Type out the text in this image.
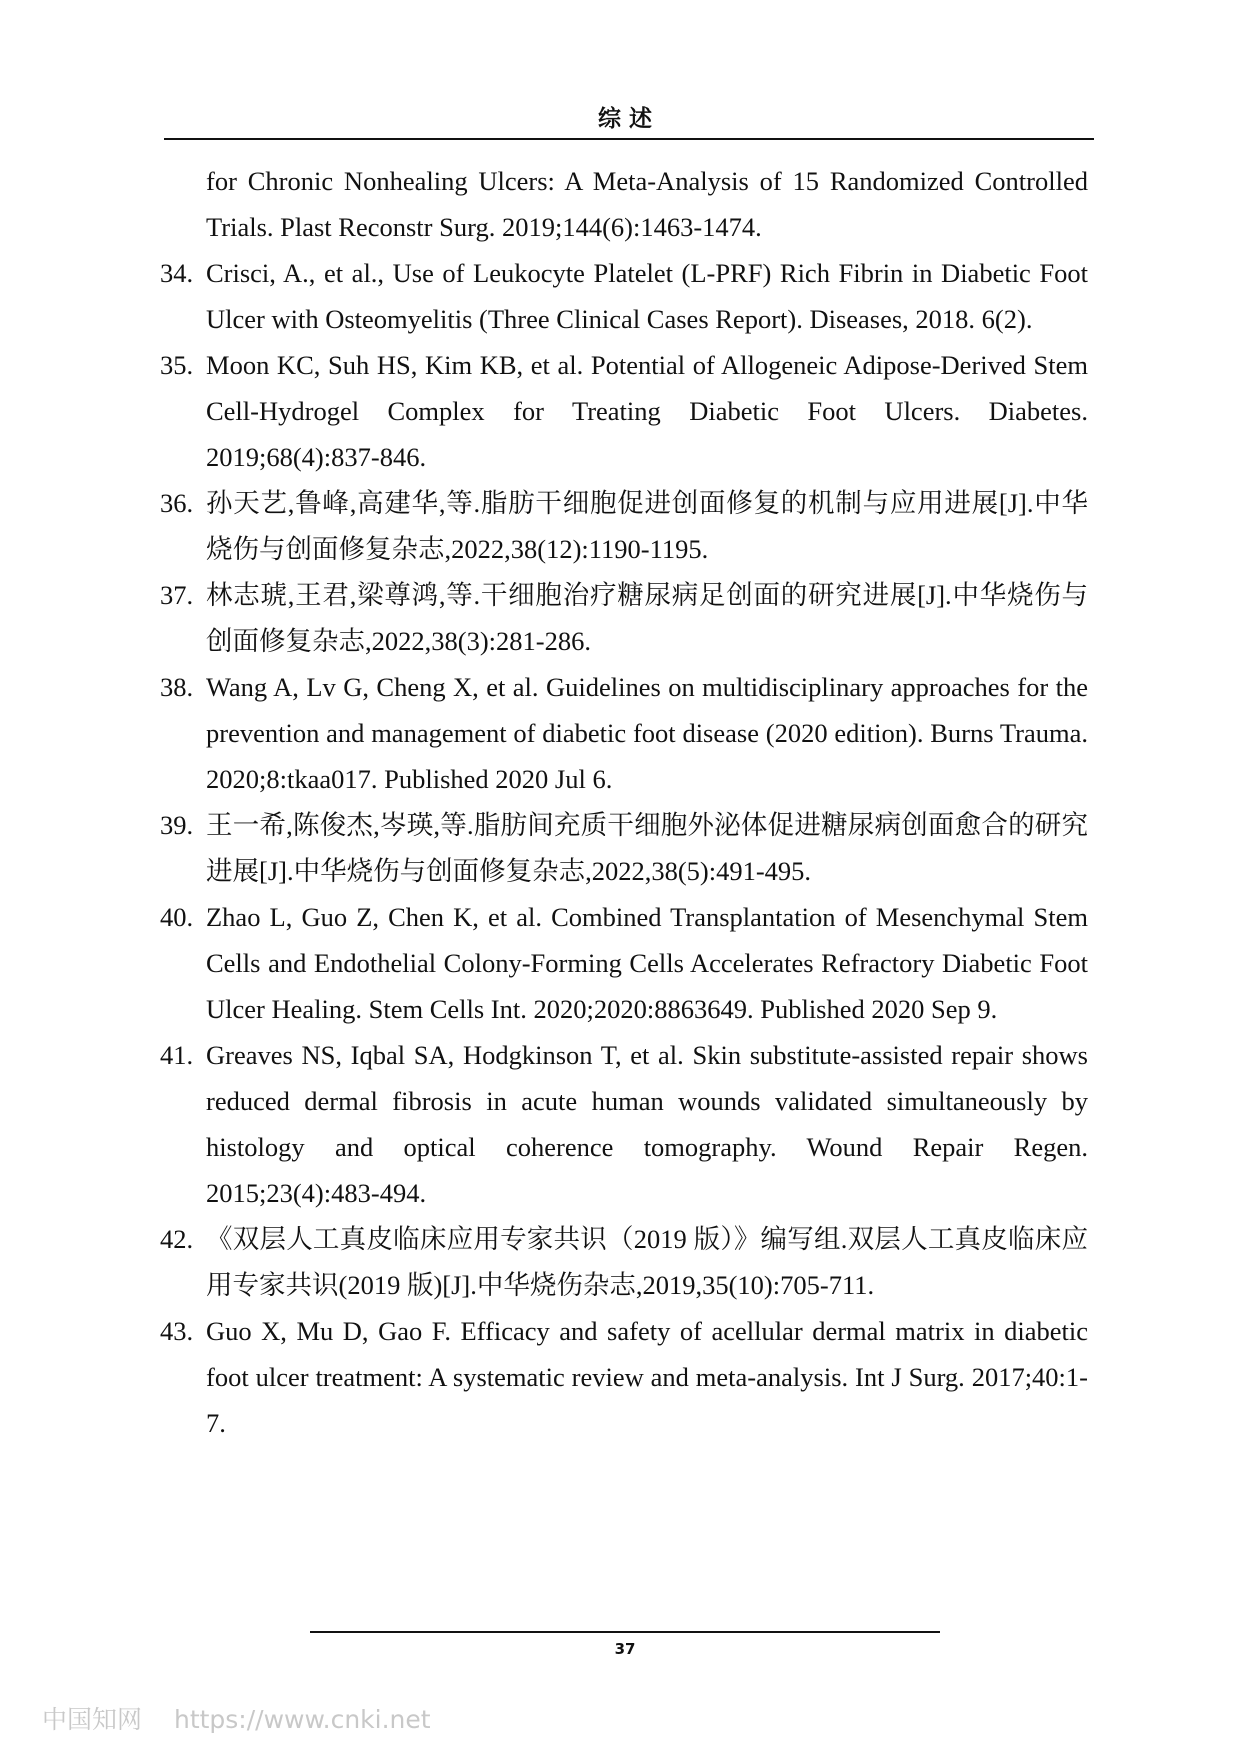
综述
for Chronic Nonhealing Ulcers: A Meta-Analysis of 15 Randomized Controlled Trials. Plast Reconstr Surg. 2019;144(6):1463-1474.
34. Crisci, A., et al., Use of Leukocyte Platelet (L-PRF) Rich Fibrin in Diabetic Foot Ulcer with Osteomyelitis (Three Clinical Cases Report). Diseases, 2018. 6(2).
35. Moon KC, Suh HS, Kim KB, et al. Potential of Allogeneic Adipose-Derived Stem Cell-Hydrogel Complex for Treating Diabetic Foot Ulcers. Diabetes. 2019;68(4):837-846.
36. 孙天艺,鲁峰,高建华,等.脂肪干细胞促进创面修复的机制与应用进展[J].中华烧伤与创面修复杂志,2022,38(12):1190-1195.
37. 林志琥,王君,梁尊鸿,等.干细胞治疗糖尿病足创面的研究进展[J].中华烧伤与创面修复杂志,2022,38(3):281-286.
38. Wang A, Lv G, Cheng X, et al. Guidelines on multidisciplinary approaches for the prevention and management of diabetic foot disease (2020 edition). Burns Trauma. 2020;8:tkaa017. Published 2020 Jul 6.
39. 王一希,陈俊杰,岑瑛,等.脂肪间充质干细胞外泌体促进糖尿病创面愈合的研究进展[J].中华烧伤与创面修复杂志,2022,38(5):491-495.
40. Zhao L, Guo Z, Chen K, et al. Combined Transplantation of Mesenchymal Stem Cells and Endothelial Colony-Forming Cells Accelerates Refractory Diabetic Foot Ulcer Healing. Stem Cells Int. 2020;2020:8863649. Published 2020 Sep 9.
41. Greaves NS, Iqbal SA, Hodgkinson T, et al. Skin substitute-assisted repair shows reduced dermal fibrosis in acute human wounds validated simultaneously by histology and optical coherence tomography. Wound Repair Regen. 2015;23(4):483-494.
42. 《双层人工真皮临床应用专家共识（2019 版）》编写组.双层人工真皮临床应用专家共识(2019 版)[J].中华烧伤杂志,2019,35(10):705-711.
43. Guo X, Mu D, Gao F. Efficacy and safety of acellular dermal matrix in diabetic foot ulcer treatment: A systematic review and meta-analysis. Int J Surg. 2017;40:1-7.
37
中国知网 https://www.cnki.net
